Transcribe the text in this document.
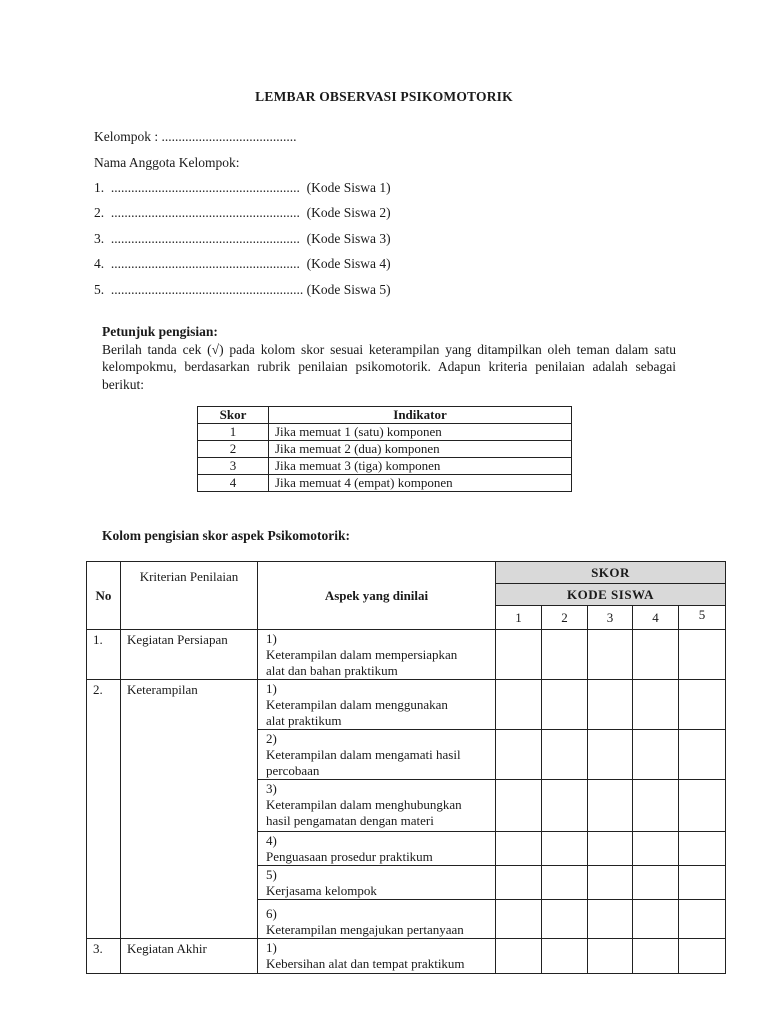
LEMBAR OBSERVASI PSIKOMOTORIK
Kelompok : ........................................
Nama Anggota Kelompok:
1. ........................................................ (Kode Siswa 1)
2. ........................................................ (Kode Siswa 2)
3. ........................................................ (Kode Siswa 3)
4. ........................................................ (Kode Siswa 4)
5. ......................................................... (Kode Siswa 5)
Petunjuk pengisian:

Berilah tanda cek (√) pada kolom skor sesuai keterampilan yang ditampilkan oleh teman dalam satu kelompokmu, berdasarkan rubrik penilaian psikomotorik. Adapun kriteria penilaian adalah sebagai berikut:

Skor	Indikator
1	Jika memuat 1 (satu) komponen
2	Jika memuat 2 (dua) komponen
3	Jika memuat 3 (tiga) komponen
4	Jika memuat 4 (empat) komponen
Kolom pengisian skor aspek Psikomotorik:
No	Kriterian Penilaian	Aspek yang dinilai	SKOR				
			KODE SISWA				
			1	2	3	4	5
1.	Kegiatan Persiapan	1)Keterampilan dalam mempersiapkan alat dan bahan praktikum					
2.	Keterampilan	1)Keterampilan dalam menggunakan alat praktikum					
		2)Keterampilan dalam mengamati hasil percobaan					
		3)Keterampilan dalam menghubungkan hasil pengamatan dengan materi					
		4)Penguasaan prosedur praktikum					
		5)Kerjasama kelompok					
		6)Keterampilan mengajukan pertanyaan					
3.	Kegiatan Akhir	1)Kebersihan alat dan tempat praktikum					
